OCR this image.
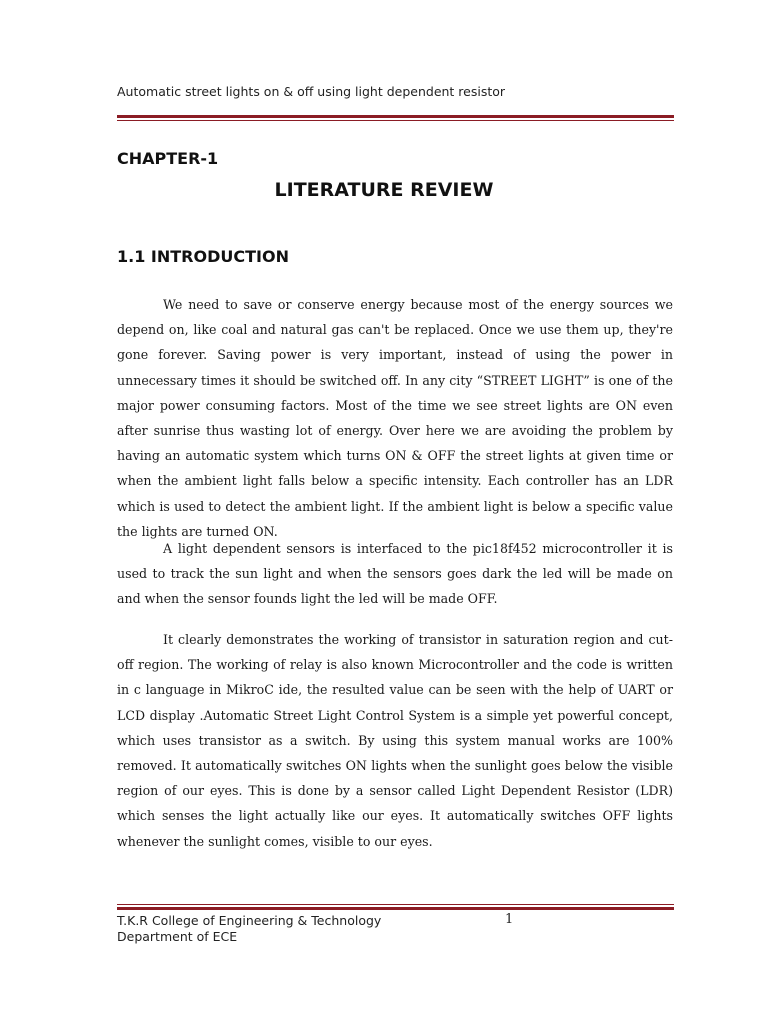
Automatic street lights on & off using light dependent resistor
CHAPTER-1
LITERATURE REVIEW
1.1 INTRODUCTION

We need to save or conserve energy because most of the energy sources we depend on, like coal and natural gas can't be replaced. Once we use them up, they're gone forever. Saving power is very important, instead of using the power in unnecessary times it should be switched off. In any city “STREET LIGHT” is one of the major power consuming factors. Most of the time we see street lights are ON even after sunrise thus wasting lot of energy. Over here we are avoiding the problem by having an automatic system which turns ON & OFF the street lights at given time or when the ambient light falls below a specific intensity. Each controller has an LDR which is used to detect the ambient light. If the ambient light is below a specific value the lights are turned ON.

A light dependent sensors is interfaced to the pic18f452 microcontroller it is used to track the sun light and when the sensors goes dark the led will be made on and when the sensor founds light the led will be made OFF.

It clearly demonstrates the working of transistor in saturation region and cut-off region. The working of relay is also known Microcontroller and the code is written in c language in MikroC ide, the resulted value can be seen with the help of UART or LCD display .Automatic Street Light Control System is a simple yet powerful concept, which uses transistor as a switch. By using this system manual works are 100% removed. It automatically switches ON lights when the sunlight goes below the visible region of our eyes. This is done by a sensor called Light Dependent Resistor (LDR) which senses the light actually like our eyes. It automatically switches OFF lights whenever the sunlight comes, visible to our eyes.

T.K.R College of Engineering & Technology
Department of ECE
1
